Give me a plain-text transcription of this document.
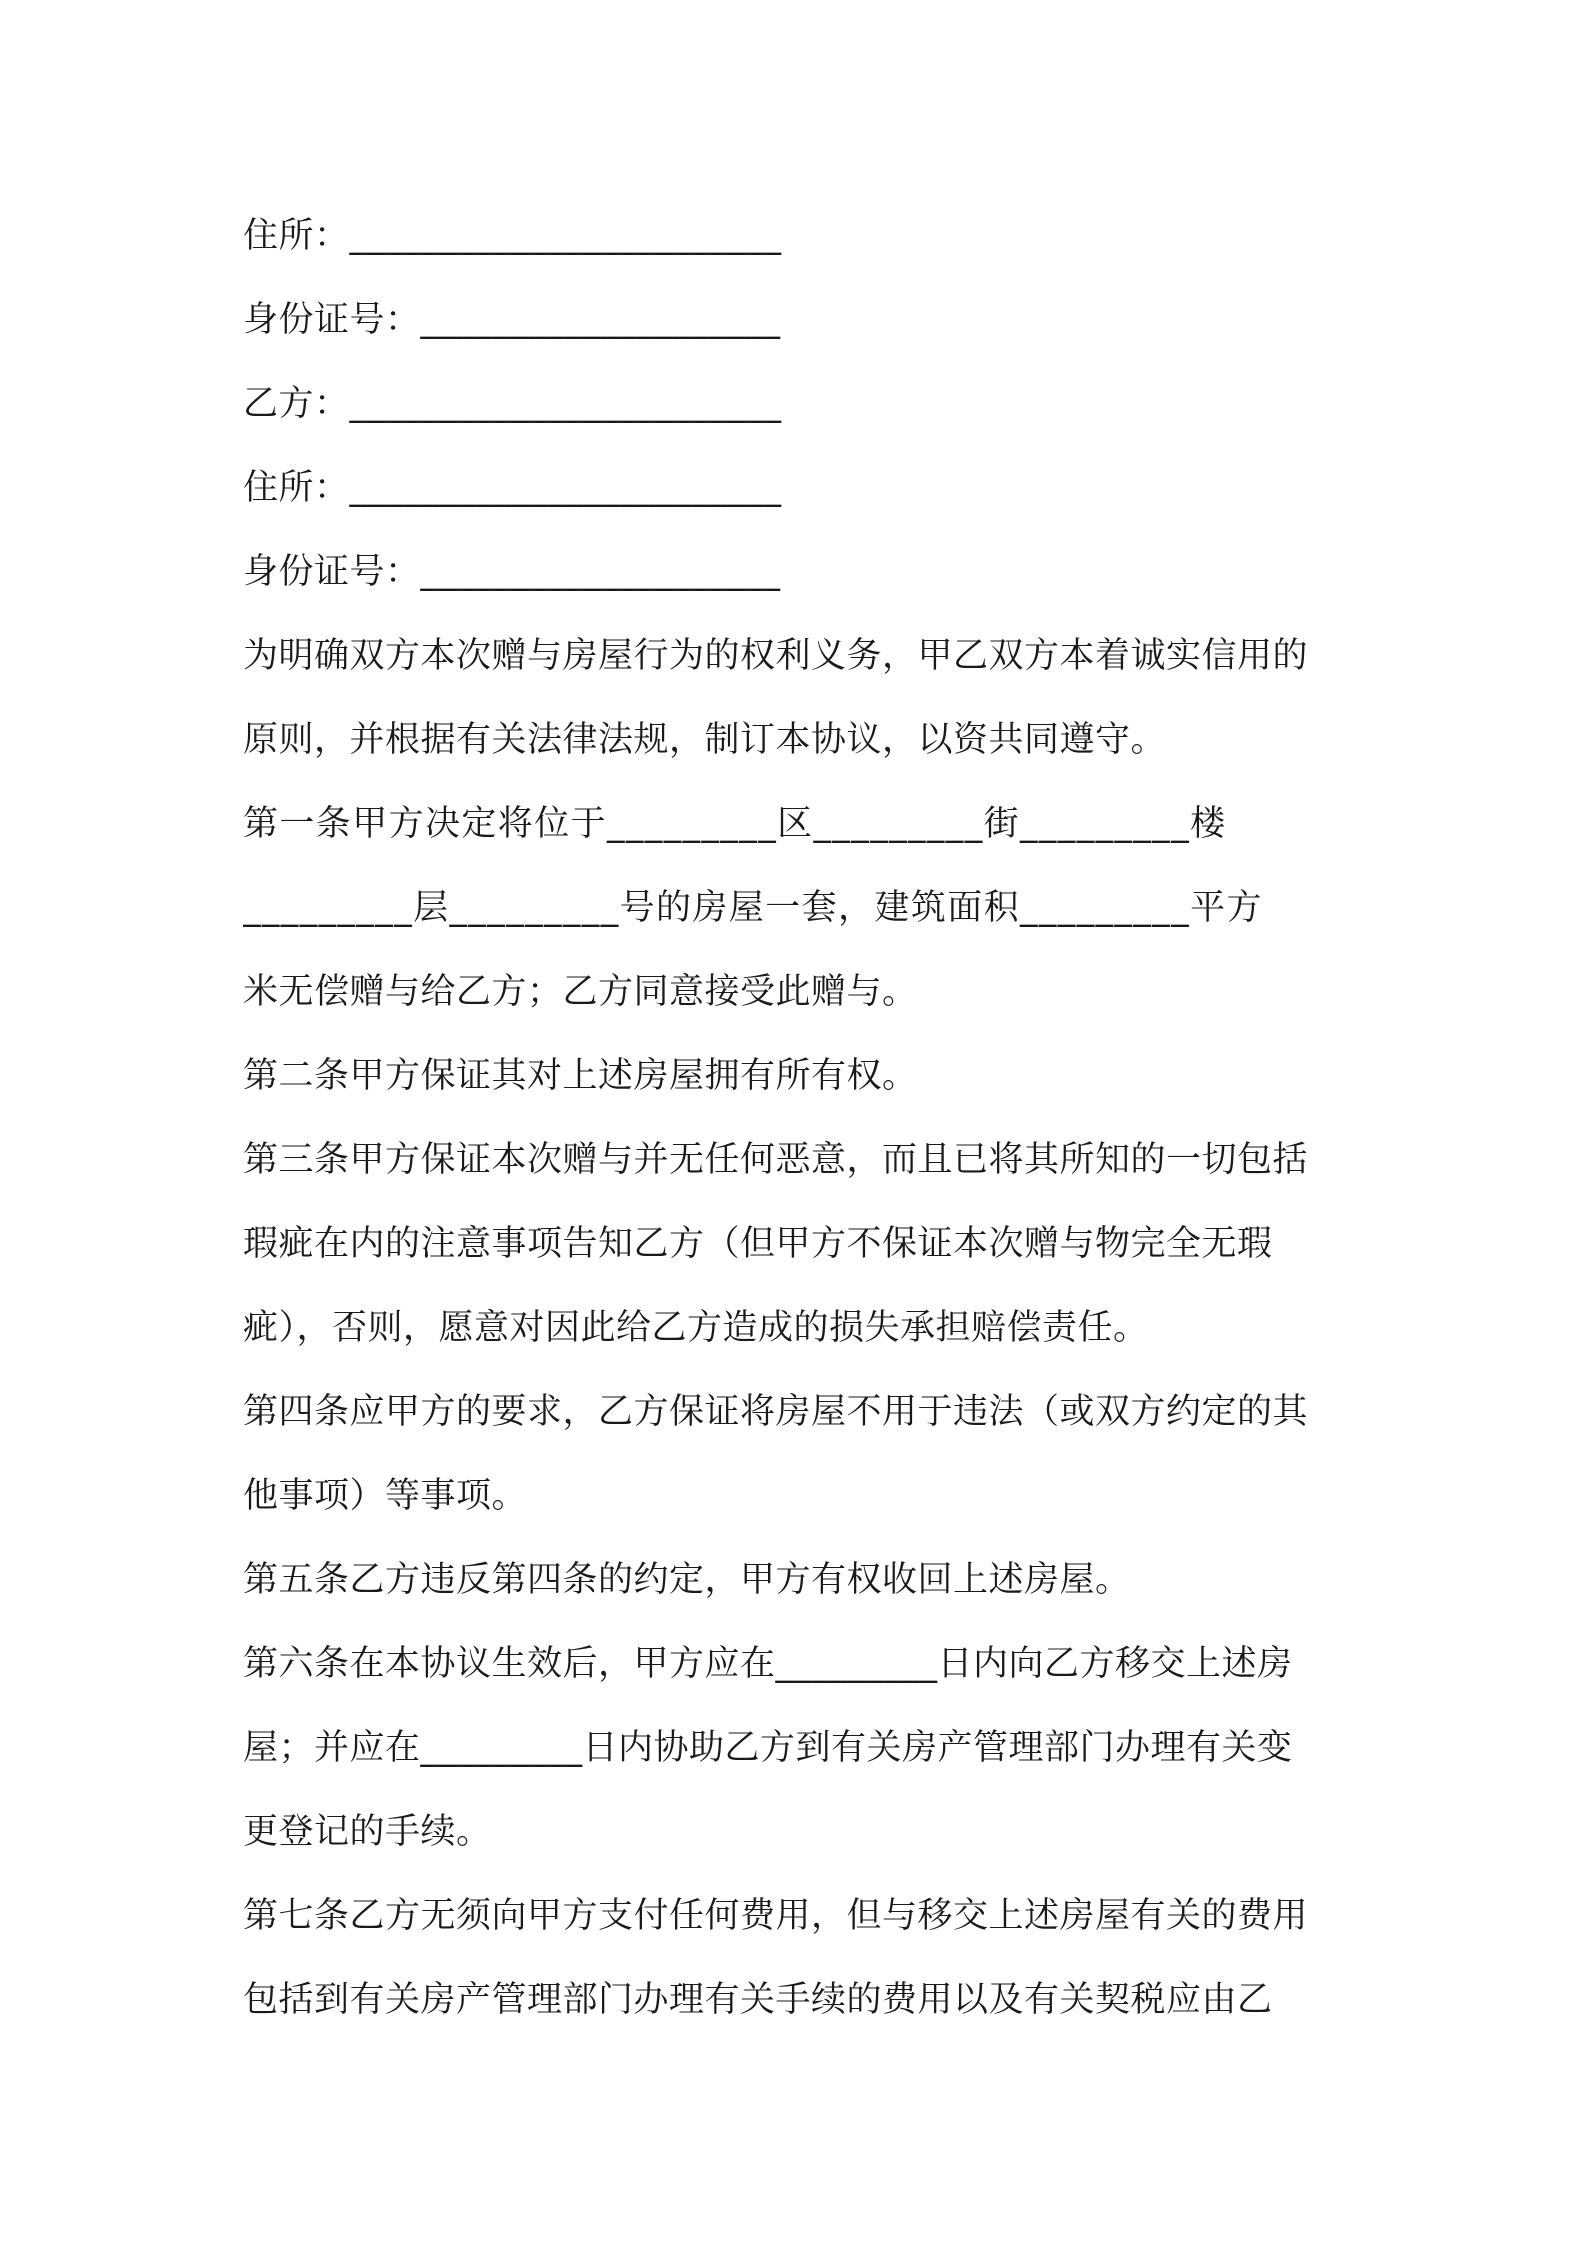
住所：________________________
身份证号：____________________
乙方：________________________
住所：________________________
身份证号：____________________
为明确双方本次赠与房屋行为的权利义务，甲乙双方本着诚实信用的
原则，并根据有关法律法规，制订本协议，以资共同遵守。
第一条甲方决定将位于_________区_________街_________楼
_________层_________号的房屋一套，建筑面积_________平方
米无偿赠与给乙方；乙方同意接受此赠与。
第二条甲方保证其对上述房屋拥有所有权。
第三条甲方保证本次赠与并无任何恶意，而且已将其所知的一切包括
瑕疵在内的注意事项告知乙方（但甲方不保证本次赠与物完全无瑕
疵），否则，愿意对因此给乙方造成的损失承担赔偿责任。
第四条应甲方的要求，乙方保证将房屋不用于违法（或双方约定的其
他事项）等事项。
第五条乙方违反第四条的约定，甲方有权收回上述房屋。
第六条在本协议生效后，甲方应在_________日内向乙方移交上述房
屋；并应在_________日内协助乙方到有关房产管理部门办理有关变
更登记的手续。
第七条乙方无须向甲方支付任何费用，但与移交上述房屋有关的费用
包括到有关房产管理部门办理有关手续的费用以及有关契税应由乙
